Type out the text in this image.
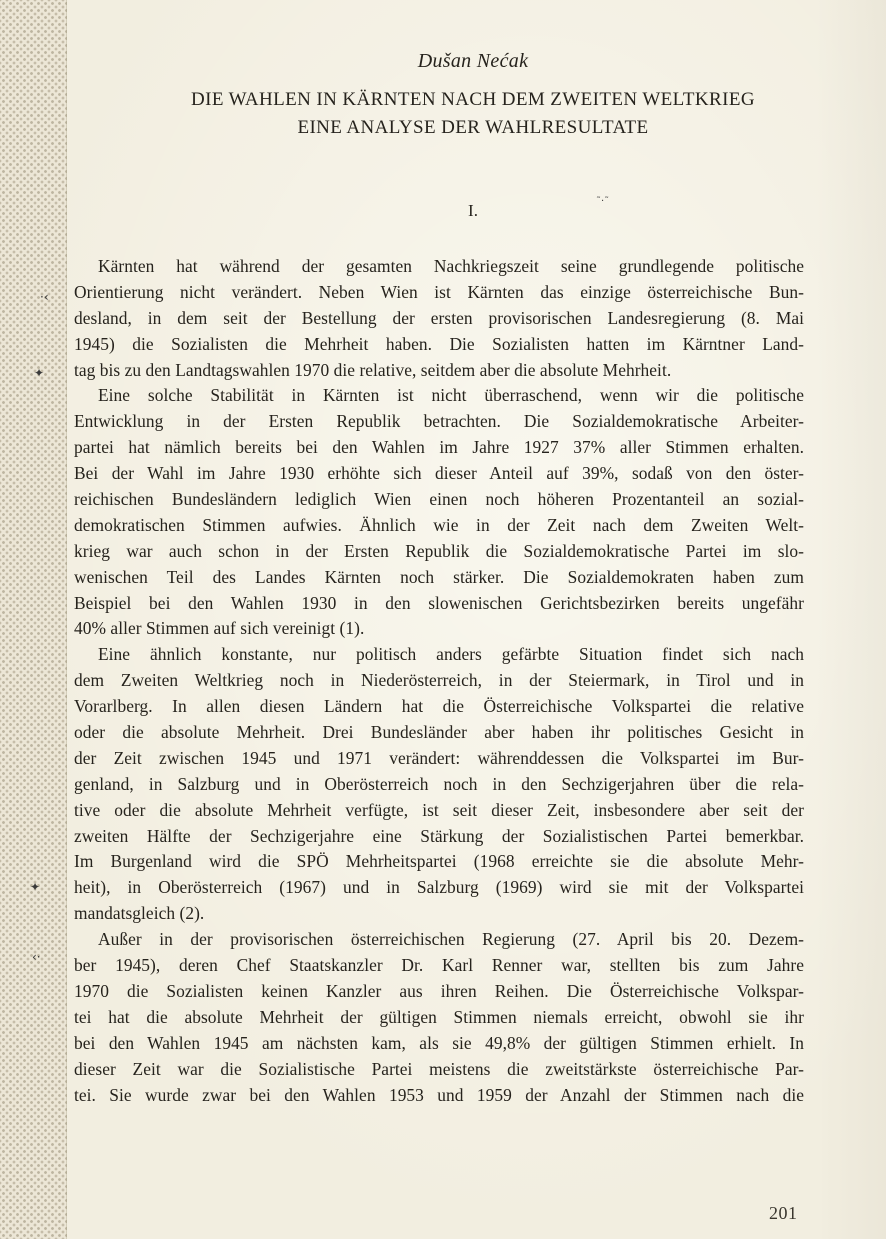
·‹
✦
✦
‹·
˜·˜
Dušan Nećak
DIE WAHLEN IN KÄRNTEN NACH DEM ZWEITEN WELTKRIEG
EINE ANALYSE DER WAHLRESULTATE
I.
Kärnten hat während der gesamten Nachkriegszeit seine grundlegende politische
Orientierung nicht verändert. Neben Wien ist Kärnten das einzige österreichische Bun-
desland, in dem seit der Bestellung der ersten provisorischen Landesregierung (8. Mai
1945) die Sozialisten die Mehrheit haben. Die Sozialisten hatten im Kärntner Land-
tag bis zu den Landtagswahlen 1970 die relative, seitdem aber die absolute Mehrheit.
Eine solche Stabilität in Kärnten ist nicht überraschend, wenn wir die politische
Entwicklung in der Ersten Republik betrachten. Die Sozialdemokratische Arbeiter-
partei hat nämlich bereits bei den Wahlen im Jahre 1927 37% aller Stimmen erhalten.
Bei der Wahl im Jahre 1930 erhöhte sich dieser Anteil auf 39%, sodaß von den öster-
reichischen Bundesländern lediglich Wien einen noch höheren Prozentanteil an sozial-
demokratischen Stimmen aufwies. Ähnlich wie in der Zeit nach dem Zweiten Welt-
krieg war auch schon in der Ersten Republik die Sozialdemokratische Partei im slo-
wenischen Teil des Landes Kärnten noch stärker. Die Sozialdemokraten haben zum
Beispiel bei den Wahlen 1930 in den slowenischen Gerichtsbezirken bereits ungefähr
40% aller Stimmen auf sich vereinigt (1).
Eine ähnlich konstante, nur politisch anders gefärbte Situation findet sich nach
dem Zweiten Weltkrieg noch in Niederösterreich, in der Steiermark, in Tirol und in
Vorarlberg. In allen diesen Ländern hat die Österreichische Volkspartei die relative
oder die absolute Mehrheit. Drei Bundesländer aber haben ihr politisches Gesicht in
der Zeit zwischen 1945 und 1971 verändert: währenddessen die Volkspartei im Bur-
genland, in Salzburg und in Oberösterreich noch in den Sechzigerjahren über die rela-
tive oder die absolute Mehrheit verfügte, ist seit dieser Zeit, insbesondere aber seit der
zweiten Hälfte der Sechzigerjahre eine Stärkung der Sozialistischen Partei bemerkbar.
Im Burgenland wird die SPÖ Mehrheitspartei (1968 erreichte sie die absolute Mehr-
heit), in Oberösterreich (1967) und in Salzburg (1969) wird sie mit der Volkspartei
mandatsgleich (2).
Außer in der provisorischen österreichischen Regierung (27. April bis 20. Dezem-
ber 1945), deren Chef Staatskanzler Dr. Karl Renner war, stellten bis zum Jahre
1970 die Sozialisten keinen Kanzler aus ihren Reihen. Die Österreichische Volkspar-
tei hat die absolute Mehrheit der gültigen Stimmen niemals erreicht, obwohl sie ihr
bei den Wahlen 1945 am nächsten kam, als sie 49,8% der gültigen Stimmen erhielt. In
dieser Zeit war die Sozialistische Partei meistens die zweitstärkste österreichische Par-
tei. Sie wurde zwar bei den Wahlen 1953 und 1959 der Anzahl der Stimmen nach die
201
